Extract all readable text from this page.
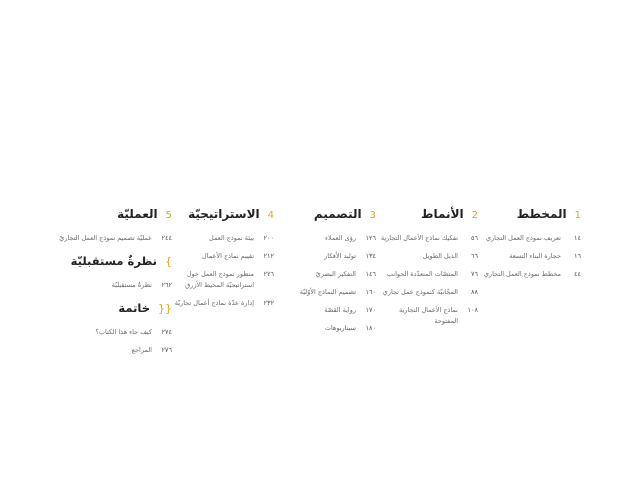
1
المخطط
١٤
تعريف نموذج العمل التجاري
١٦
حجارة البناء التسعة
٤٤
مخطط نموذج العمل التجاري
2
الأنماط
٥٦
تفكيك نماذج الأعمال التجارية
٦٦
الذيل الطويل
٧٦
المنصّات المتعدّدة الجوانب
٨٨
المجّانيّة كنموذج عمل تجاري
١٠٨
نماذج الأعمال التجارية المفتوحة
3
التصميم
١٢٦
رؤى العملاء
١٣٤
توليد الأفكار
١٤٦
التفكير البصريّ
١٦٠
تصميم النماذج الأوّليّة
١٧٠
رواية القصّة
١٨٠
سيناريوهات
4
الاستراتيجيّة
٢٠٠
بيئة نموذج العمل
٢١٢
تقييم نماذج الأعمال
٢٢٦
منظور نموذج العمل حول استراتيجيّة المحيط الأزرق
٢٣٢
إدارة عدّة نماذج أعمال تجاريّة
5
العمليّة
٢٤٤
عمليّة تصميم نموذج العمل التجاريّ
}
نظرةٌ مستقبليّة
٢٦٢
نظرةٌ مستقبليّة
{{
خاتمة
٢٧٤
كيف جاء هذا الكتاب؟
٢٧٦
المراجع
